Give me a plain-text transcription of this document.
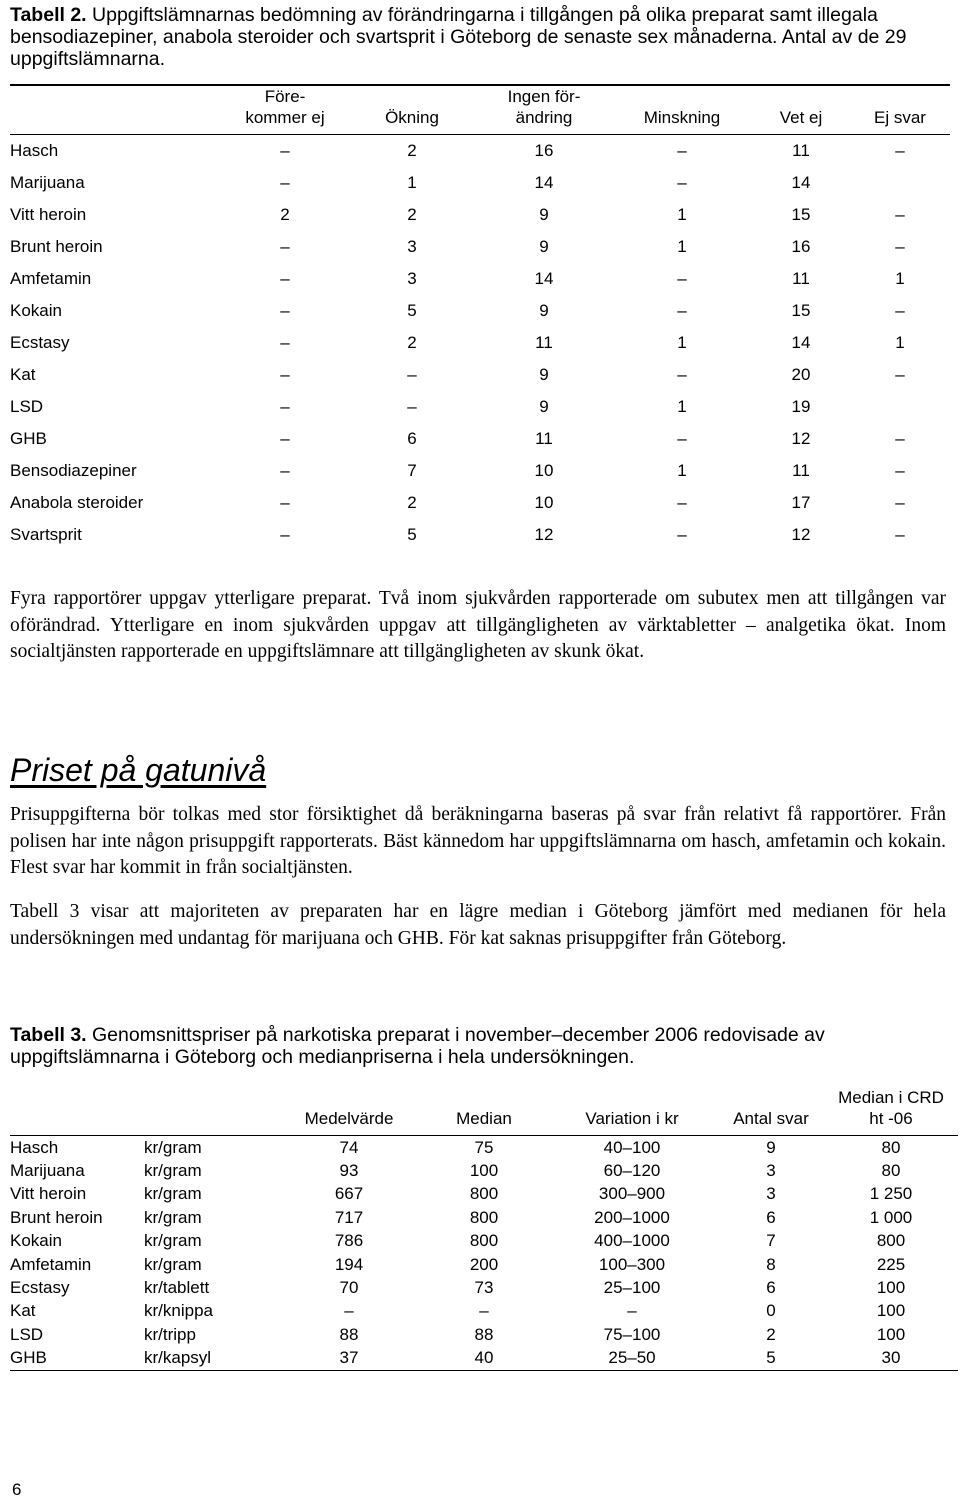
Tabell 2. Uppgiftslämnarnas bedömning av förändringarna i tillgången på olika preparat samt illegala bensodiazepiner, anabola steroider och svartsprit i Göteborg de senaste sex månaderna. Antal av de 29 uppgiftslämnarna.

	Före-
kommer ej	Ökning	Ingen för-
ändring	Minskning	Vet ej	Ej svar
Hasch	–	2	16	–	11	–
Marijuana	–	1	14	–	14	
Vitt heroin	2	2	9	1	15	–
Brunt heroin	–	3	9	1	16	–
Amfetamin	–	3	14	–	11	1
Kokain	–	5	9	–	15	–
Ecstasy	–	2	11	1	14	1
Kat	–	–	9	–	20	–
LSD	–	–	9	1	19	
GHB	–	6	11	–	12	–
Bensodiazepiner	–	7	10	1	11	–
Anabola steroider	–	2	10	–	17	–
Svartsprit	–	5	12	–	12	–
Fyra rapportörer uppgav ytterligare preparat. Två inom sjukvården rapporterade om subutex men att tillgången var oförändrad. Ytterligare en inom sjukvården uppgav att tillgängligheten av värktabletter – analgetika ökat. Inom socialtjänsten rapporterade en uppgiftslämnare att tillgängligheten av skunk ökat.
Priset på gatunivå
Prisuppgifterna bör tolkas med stor försiktighet då beräkningarna baseras på svar från relativt få rapportörer. Från polisen har inte någon prisuppgift rapporterats. Bäst kännedom har uppgiftslämnarna om hasch, amfetamin och kokain. Flest svar har kommit in från socialtjänsten.
Tabell 3 visar att majoriteten av preparaten har en lägre median i Göteborg jämfört med medianen för hela undersökningen med undantag för marijuana och GHB. För kat saknas prisuppgifter från Göteborg.
Tabell 3. Genomsnittspriser på narkotiska preparat i november–december 2006 redovisade av uppgiftslämnarna i Göteborg och medianpriserna i hela undersökningen.
		Medelvärde	Median	Variation i kr	Antal svar	Median i CRD
ht -06
Hasch	kr/gram	74	75	40–100	9	80
Marijuana	kr/gram	93	100	60–120	3	80
Vitt heroin	kr/gram	667	800	300–900	3	1 250
Brunt heroin	kr/gram	717	800	200–1000	6	1 000
Kokain	kr/gram	786	800	400–1000	7	800
Amfetamin	kr/gram	194	200	100–300	8	225
Ecstasy	kr/tablett	70	73	25–100	6	100
Kat	kr/knippa	–	–	–	0	100
LSD	kr/tripp	88	88	75–100	2	100
GHB	kr/kapsyl	37	40	25–50	5	30
6
